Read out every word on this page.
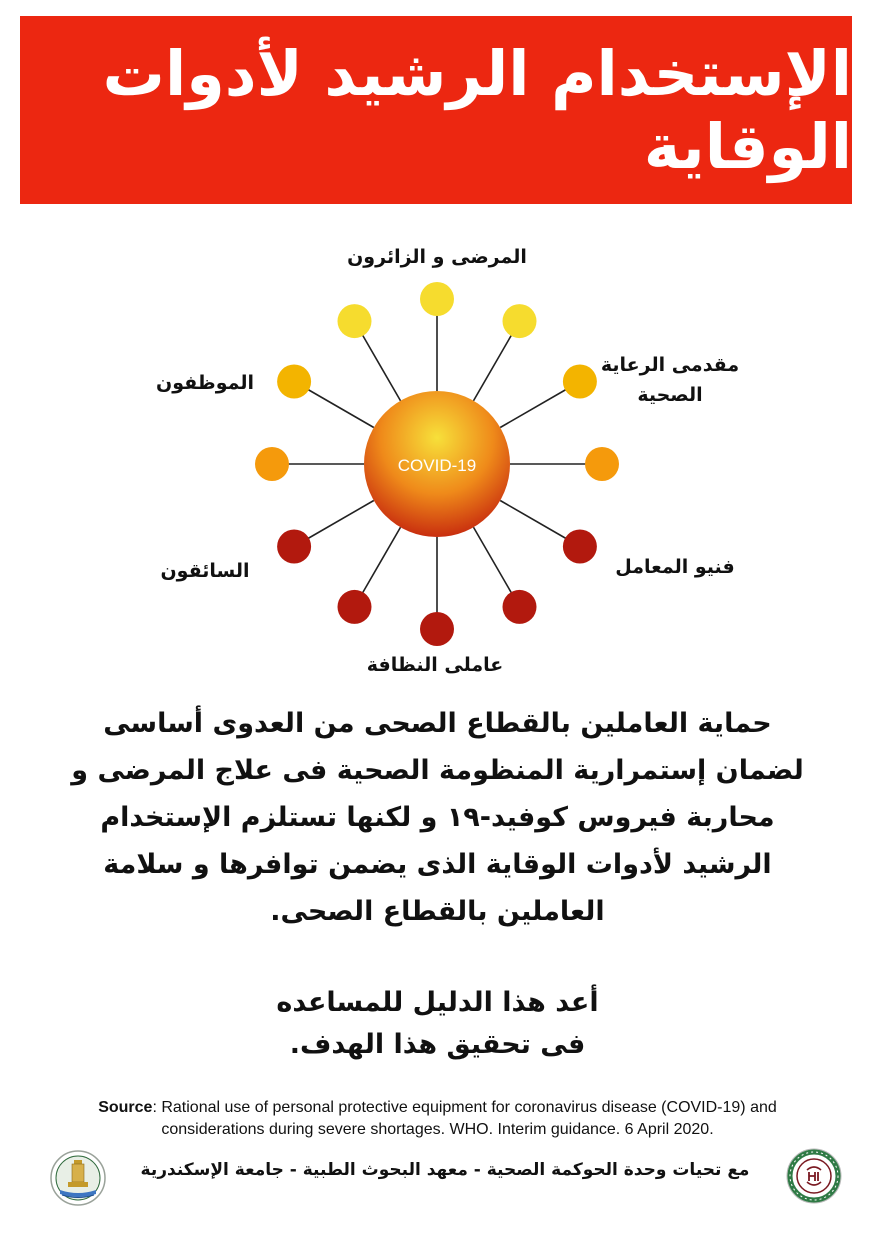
الإستخدام الرشيد لأدوات الوقاية
COVID-19
المرضى و الزائرون
مقدمى الرعاية
الصحية
الموظفون
فنيو المعامل
السائقون
عاملى النظافة

حماية العاملين بالقطاع الصحى من العدوى أساسى

لضمان إستمرارية المنظومة الصحية فى علاج المرضى و

محاربة فيروس كوفيد-١٩ و لكنها تستلزم الإستخدام

الرشيد لأدوات الوقاية الذى يضمن توافرها و سلامة

العاملين بالقطاع الصحى.

أعد هذا الدليل للمساعده

فى تحقيق هذا الهدف.

Source: Rational use of personal protective equipment for coronavirus disease (COVID-19) and
considerations during severe shortages. WHO. Interim guidance. 6 April 2020.
مع تحيات وحدة الحوكمة الصحية - معهد البحوث الطبية - جامعة الإسكندرية
